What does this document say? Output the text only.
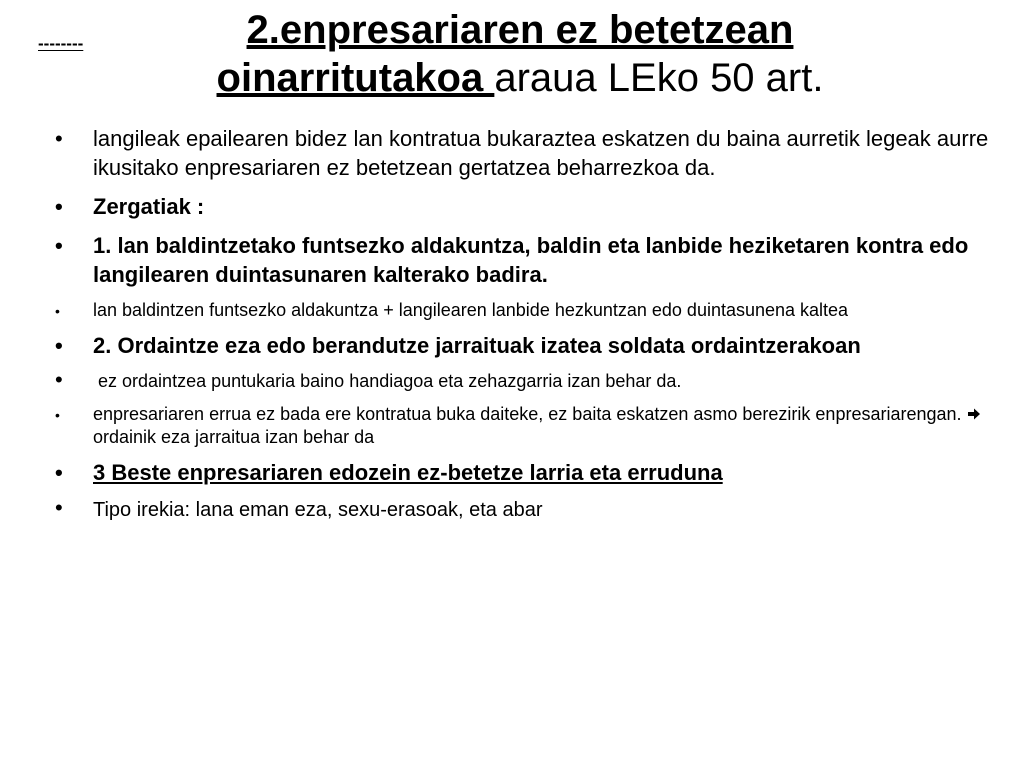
--------	2.enpresariaren ez betetzean
oinarritutakoa araua LEko 50 art.
• langileak epailearen bidez lan kontratua bukaraztea eskatzen du baina aurretik legeak aurre ikusitako enpresariaren ez betetzean gertatzea beharrezkoa da.
• Zergatiak :
• 1. lan baldintzetako funtsezko aldakuntza, baldin eta lanbide heziketaren kontra edo langilearen duintasunaren kalterako badira.
• lan baldintzen funtsezko aldakuntza + langilearen lanbide hezkuntzan edo duintasunena kaltea
• 2. Ordaintze eza edo berandutze jarraituak izatea soldata ordaintzerakoan
• ez ordaintzea puntukaria baino handiagoa eta zehazgarria izan behar da.
• enpresariaren errua ez bada ere kontratua buka daiteke, ez baita eskatzen asmo berezirik enpresariarengan. ordainik eza jarraitua izan behar da
• 3 Beste enpresariaren edozein ez-betetze larria eta erruduna
• Tipo irekia: lana eman eza, sexu-erasoak, eta abar
